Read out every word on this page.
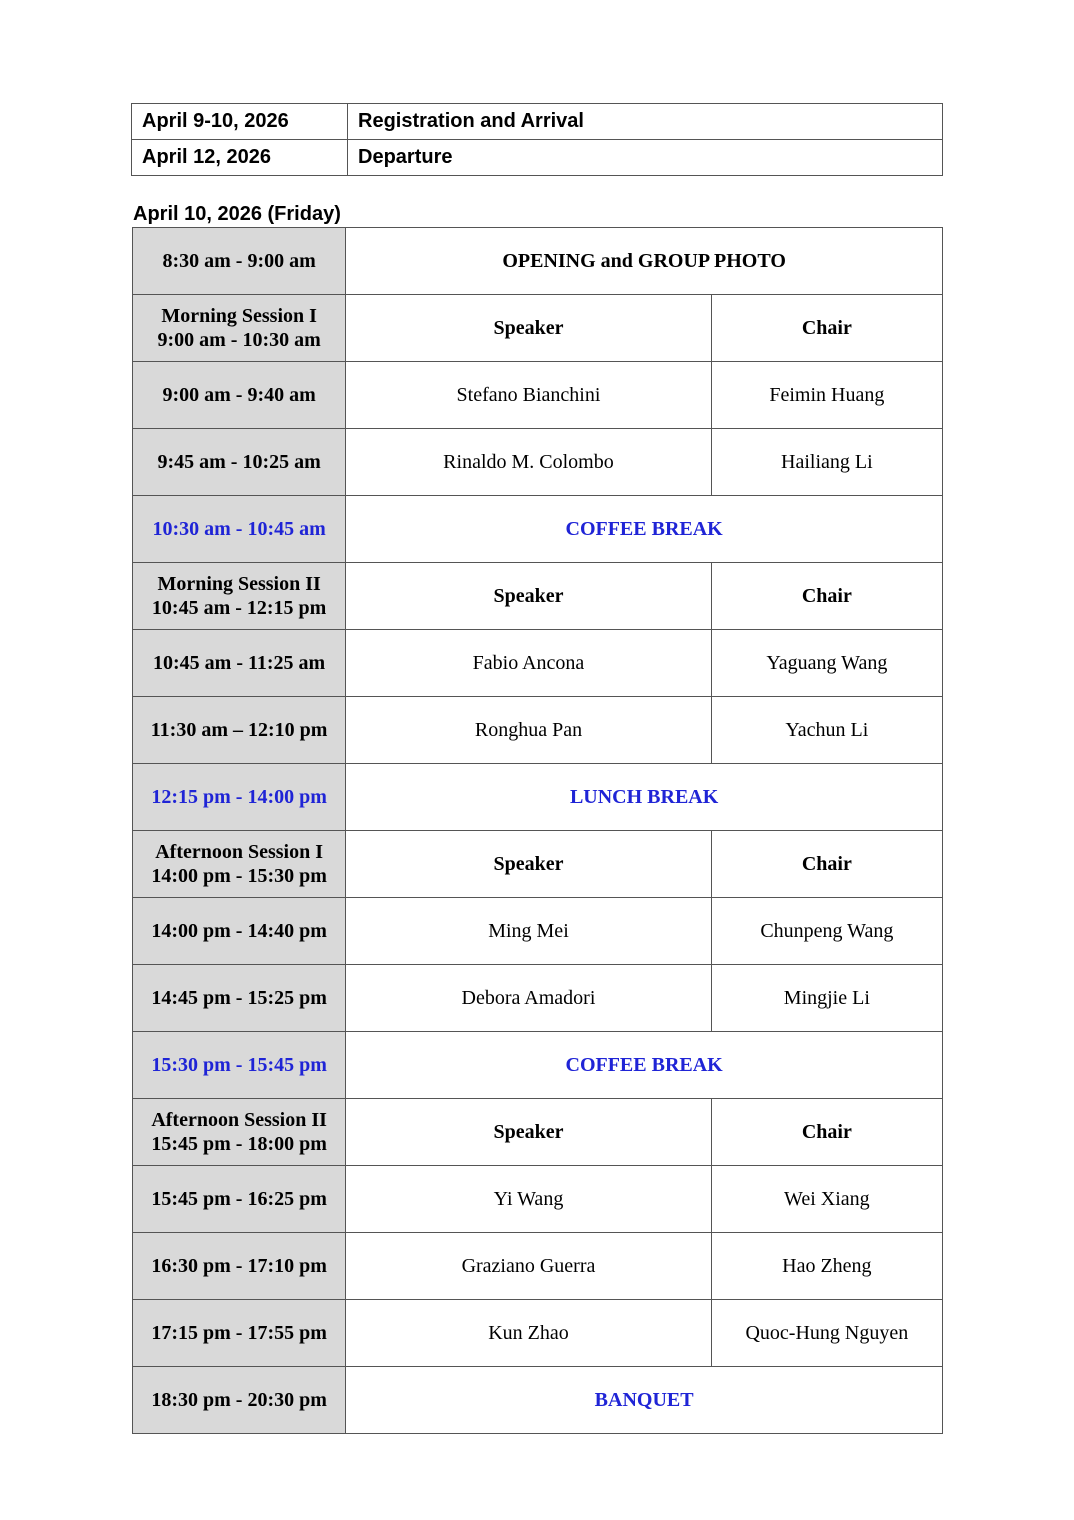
April 9-10, 2026	Registration and Arrival
April 12, 2026	Departure

April 10, 2026 (Friday)

8:30 am - 9:00 am	OPENING and GROUP PHOTO	

Morning Session I
9:00 am - 10:30 am	Speaker	Chair
9:00 am - 9:40 am	Stefano Bianchini	Feimin Huang
9:45 am - 10:25 am	Rinaldo M. Colombo	Hailiang Li
10:30 am - 10:45 am	COFFEE BREAK	

Morning Session II
10:45 am - 12:15 pm	Speaker	Chair
10:45 am - 11:25 am	Fabio Ancona	Yaguang Wang
11:30 am – 12:10 pm	Ronghua Pan	Yachun Li
12:15 pm - 14:00 pm	LUNCH BREAK	

Afternoon Session I
14:00 pm - 15:30 pm	Speaker	Chair
14:00 pm - 14:40 pm	Ming Mei	Chunpeng Wang
14:45 pm - 15:25 pm	Debora Amadori	Mingjie Li
15:30 pm - 15:45 pm	COFFEE BREAK	

Afternoon Session II
15:45 pm - 18:00 pm	Speaker	Chair
15:45 pm - 16:25 pm	Yi Wang	Wei Xiang
16:30 pm - 17:10 pm	Graziano Guerra	Hao Zheng
17:15 pm - 17:55 pm	Kun Zhao	Quoc-Hung Nguyen
18:30 pm - 20:30 pm	BANQUET	
